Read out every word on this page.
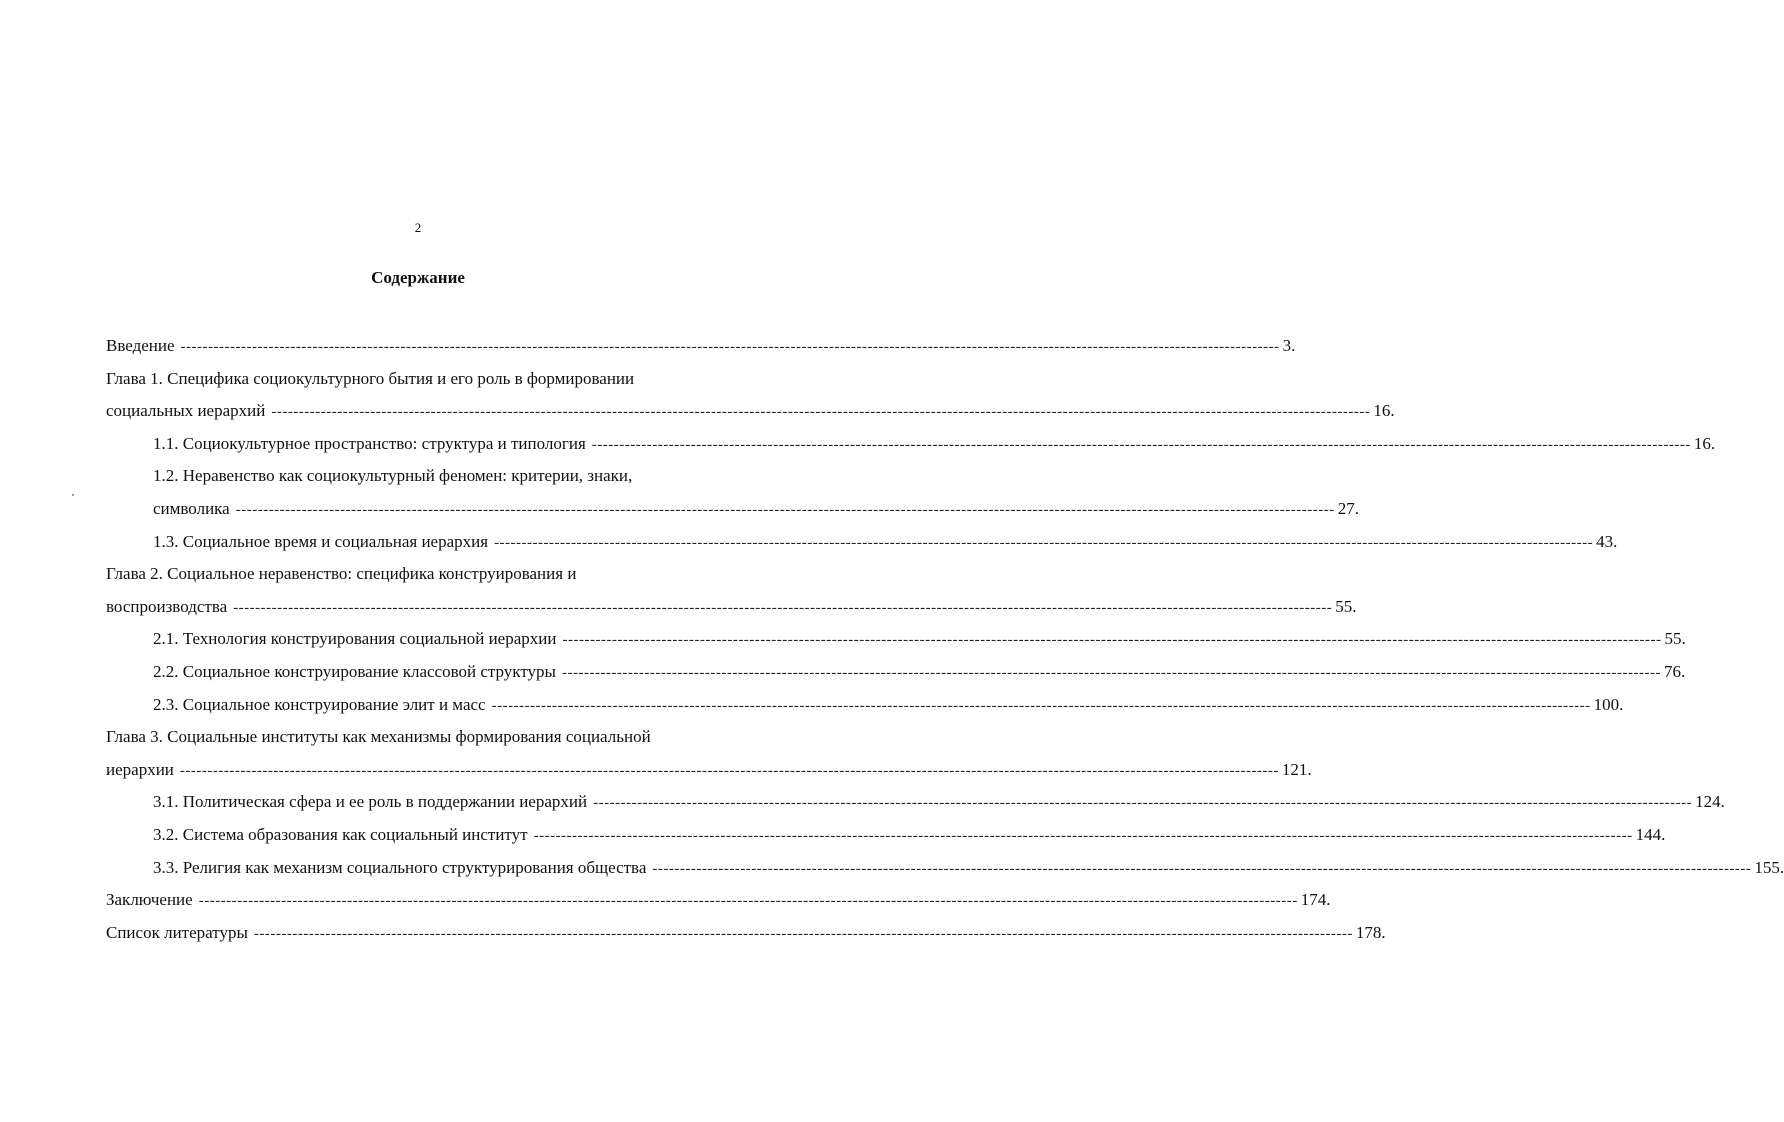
2
Содержание
Введение -------------------------------------------------------------------------------------------------------------------------------------------------------------------------------------------------------- 3.
Глава 1. Специфика социокультурного бытия и его роль в формировании
социальных иерархий -------------------------------------------------------------------------------------------------------------------------------------------------------------------------------------------------------- 16.
1.1. Социокультурное пространство: структура и типология -------------------------------------------------------------------------------------------------------------------------------------------------------------------------------------------------------- 16.
1.2. Неравенство как социокультурный феномен: критерии, знаки,
символика -------------------------------------------------------------------------------------------------------------------------------------------------------------------------------------------------------- 27.
1.3. Социальное время и социальная иерархия -------------------------------------------------------------------------------------------------------------------------------------------------------------------------------------------------------- 43.
Глава 2. Социальное неравенство: специфика конструирования и
воспроизводства -------------------------------------------------------------------------------------------------------------------------------------------------------------------------------------------------------- 55.
2.1. Технология конструирования социальной иерархии -------------------------------------------------------------------------------------------------------------------------------------------------------------------------------------------------------- 55.
2.2. Социальное конструирование классовой структуры -------------------------------------------------------------------------------------------------------------------------------------------------------------------------------------------------------- 76.
2.3. Социальное конструирование элит и масс -------------------------------------------------------------------------------------------------------------------------------------------------------------------------------------------------------- 100.
Глава 3. Социальные институты как механизмы формирования социальной
иерархии -------------------------------------------------------------------------------------------------------------------------------------------------------------------------------------------------------- 121.
3.1. Политическая сфера и ее роль в поддержании иерархий -------------------------------------------------------------------------------------------------------------------------------------------------------------------------------------------------------- 124.
3.2. Система образования как социальный институт -------------------------------------------------------------------------------------------------------------------------------------------------------------------------------------------------------- 144.
3.3. Религия как механизм социального структурирования общества -------------------------------------------------------------------------------------------------------------------------------------------------------------------------------------------------------- 155.
Заключение -------------------------------------------------------------------------------------------------------------------------------------------------------------------------------------------------------- 174.
Список литературы -------------------------------------------------------------------------------------------------------------------------------------------------------------------------------------------------------- 178.
